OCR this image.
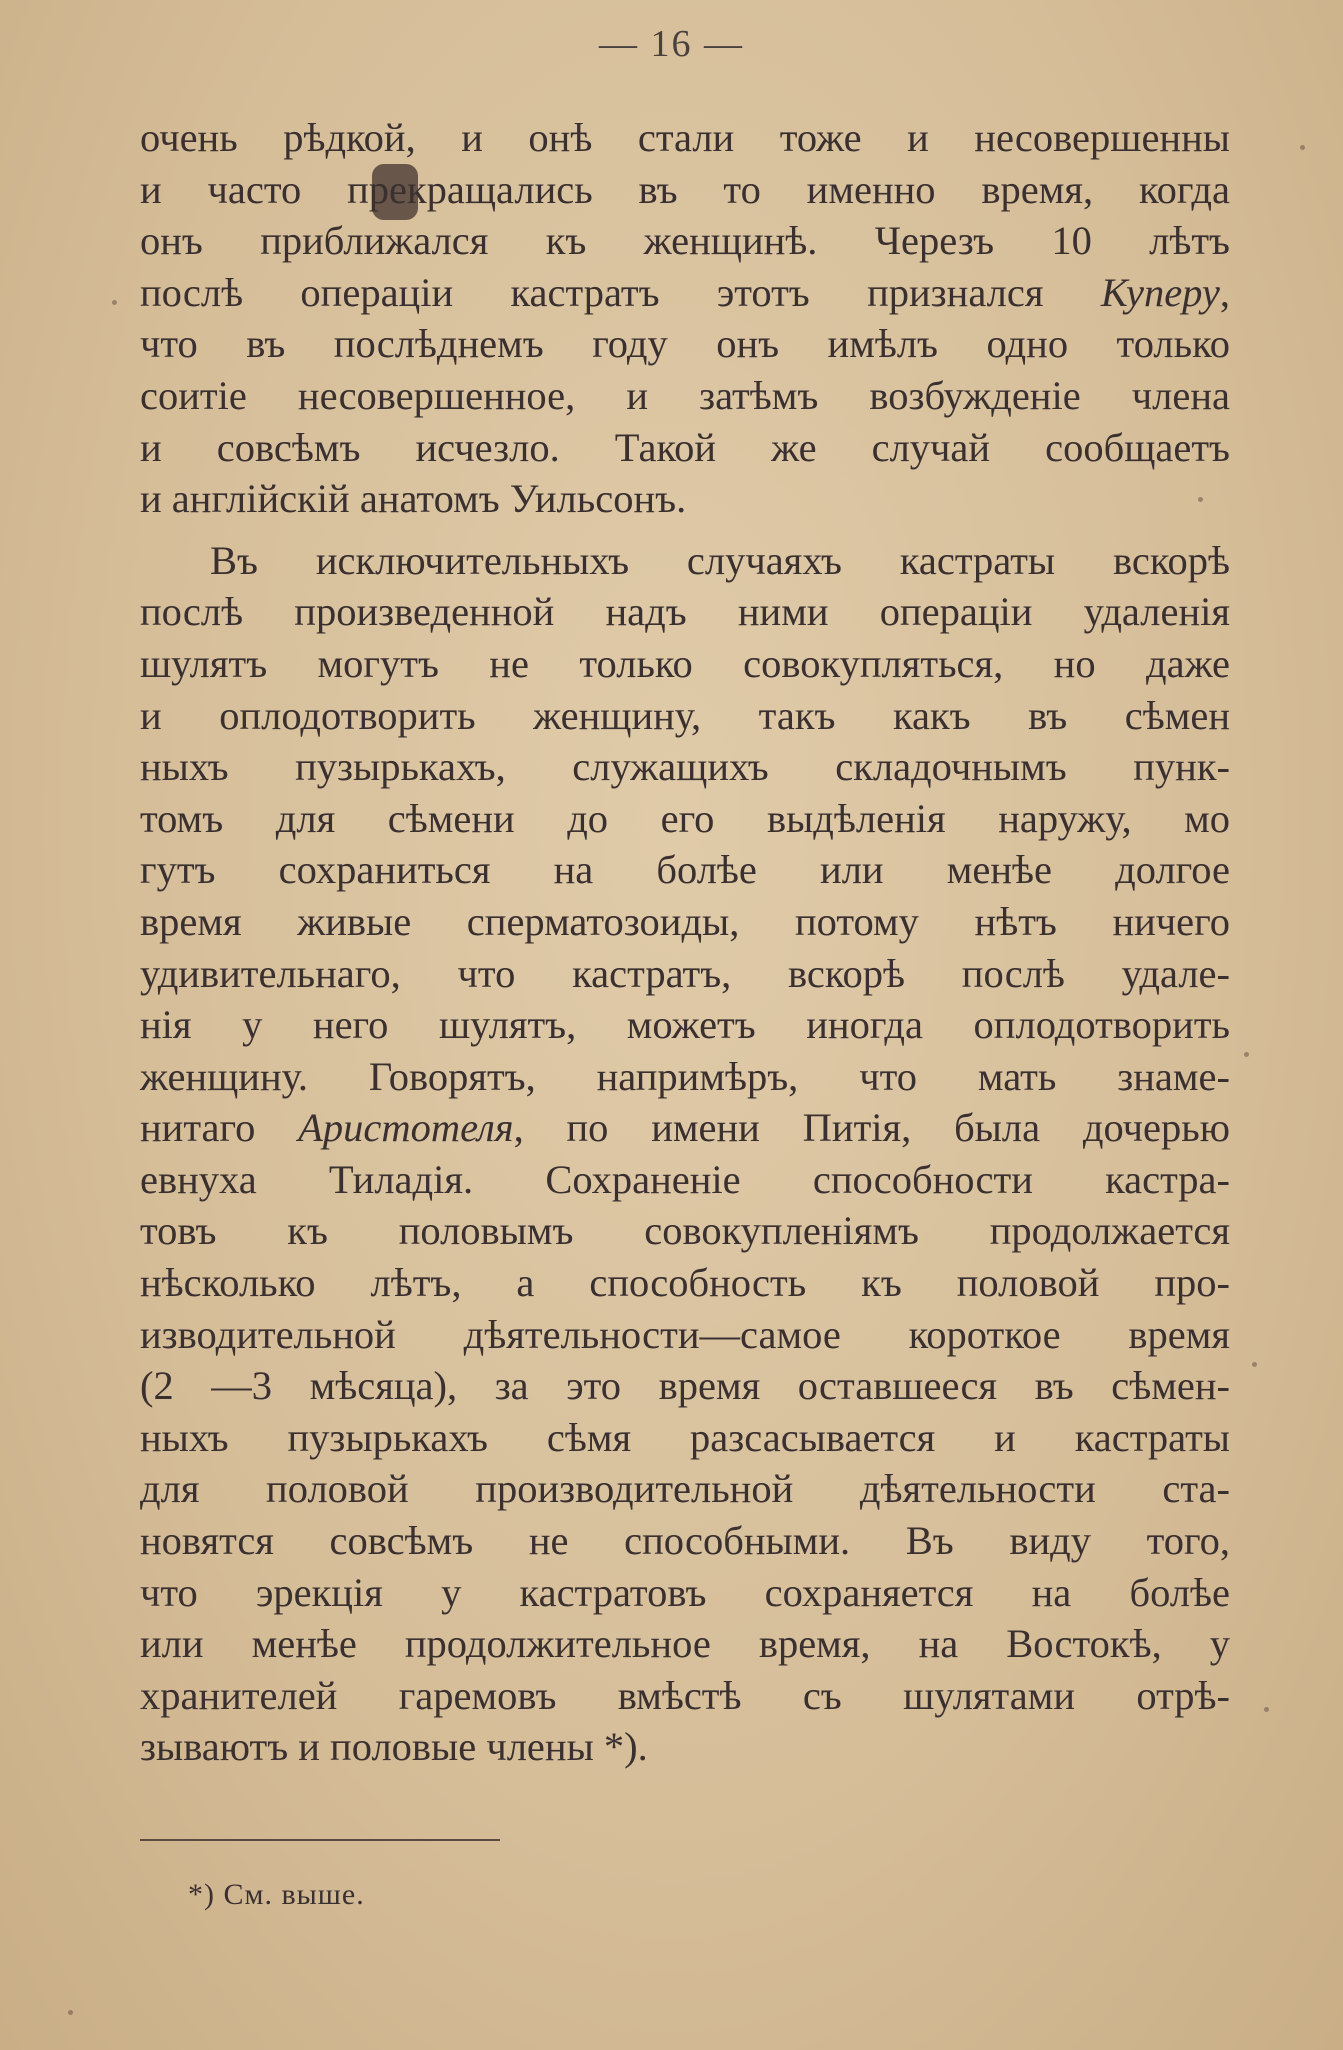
— 16 —
очень рѣдкой, и онѣ стали тоже и несовершенны
и часто прекращались въ то именно время, когда
онъ приближался къ женщинѣ. Черезъ 10 лѣтъ
послѣ операціи кастратъ этотъ признался Куперу,
что въ послѣднемъ году онъ имѣлъ одно только
соитіе несовершенное, и затѣмъ возбужденіе члена
и совсѣмъ исчезло. Такой же случай сообщаетъ
и англійскій анатомъ Уильсонъ.
Въ исключительныхъ случаяхъ кастраты вскорѣ
послѣ произведенной надъ ними операціи удаленія
шулятъ могутъ не только совокупляться, но даже
и оплодотворить женщину, такъ какъ въ сѣмен
ныхъ пузырькахъ, служащихъ складочнымъ пунк-
томъ для сѣмени до его выдѣленія наружу, мо
гутъ сохраниться на болѣе или менѣе долгое
время живые сперматозоиды, потому нѣтъ ничего
удивительнаго, что кастратъ, вскорѣ послѣ удале-
нія у него шулятъ, можетъ иногда оплодотворить
женщину. Говорятъ, напримѣръ, что мать знаме-
нитаго Аристотеля, по имени Питія, была дочерью
евнуха Тиладія. Сохраненіе способности кастра-
товъ къ половымъ совокупленіямъ продолжается
нѣсколько лѣтъ, а способность къ половой про-
изводительной дѣятельности—самое короткое время
(2 —3 мѣсяца), за это время оставшееся въ сѣмен-
ныхъ пузырькахъ сѣмя разсасывается и кастраты
для половой производительной дѣятельности ста-
новятся совсѣмъ не способными. Въ виду того,
что эрекція у кастратовъ сохраняется на болѣе
или менѣе продолжительное время, на Востокѣ, у
хранителей гаремовъ вмѣстѣ съ шулятами отрѣ-
зываютъ и половые члены *).
*) См. выше.
